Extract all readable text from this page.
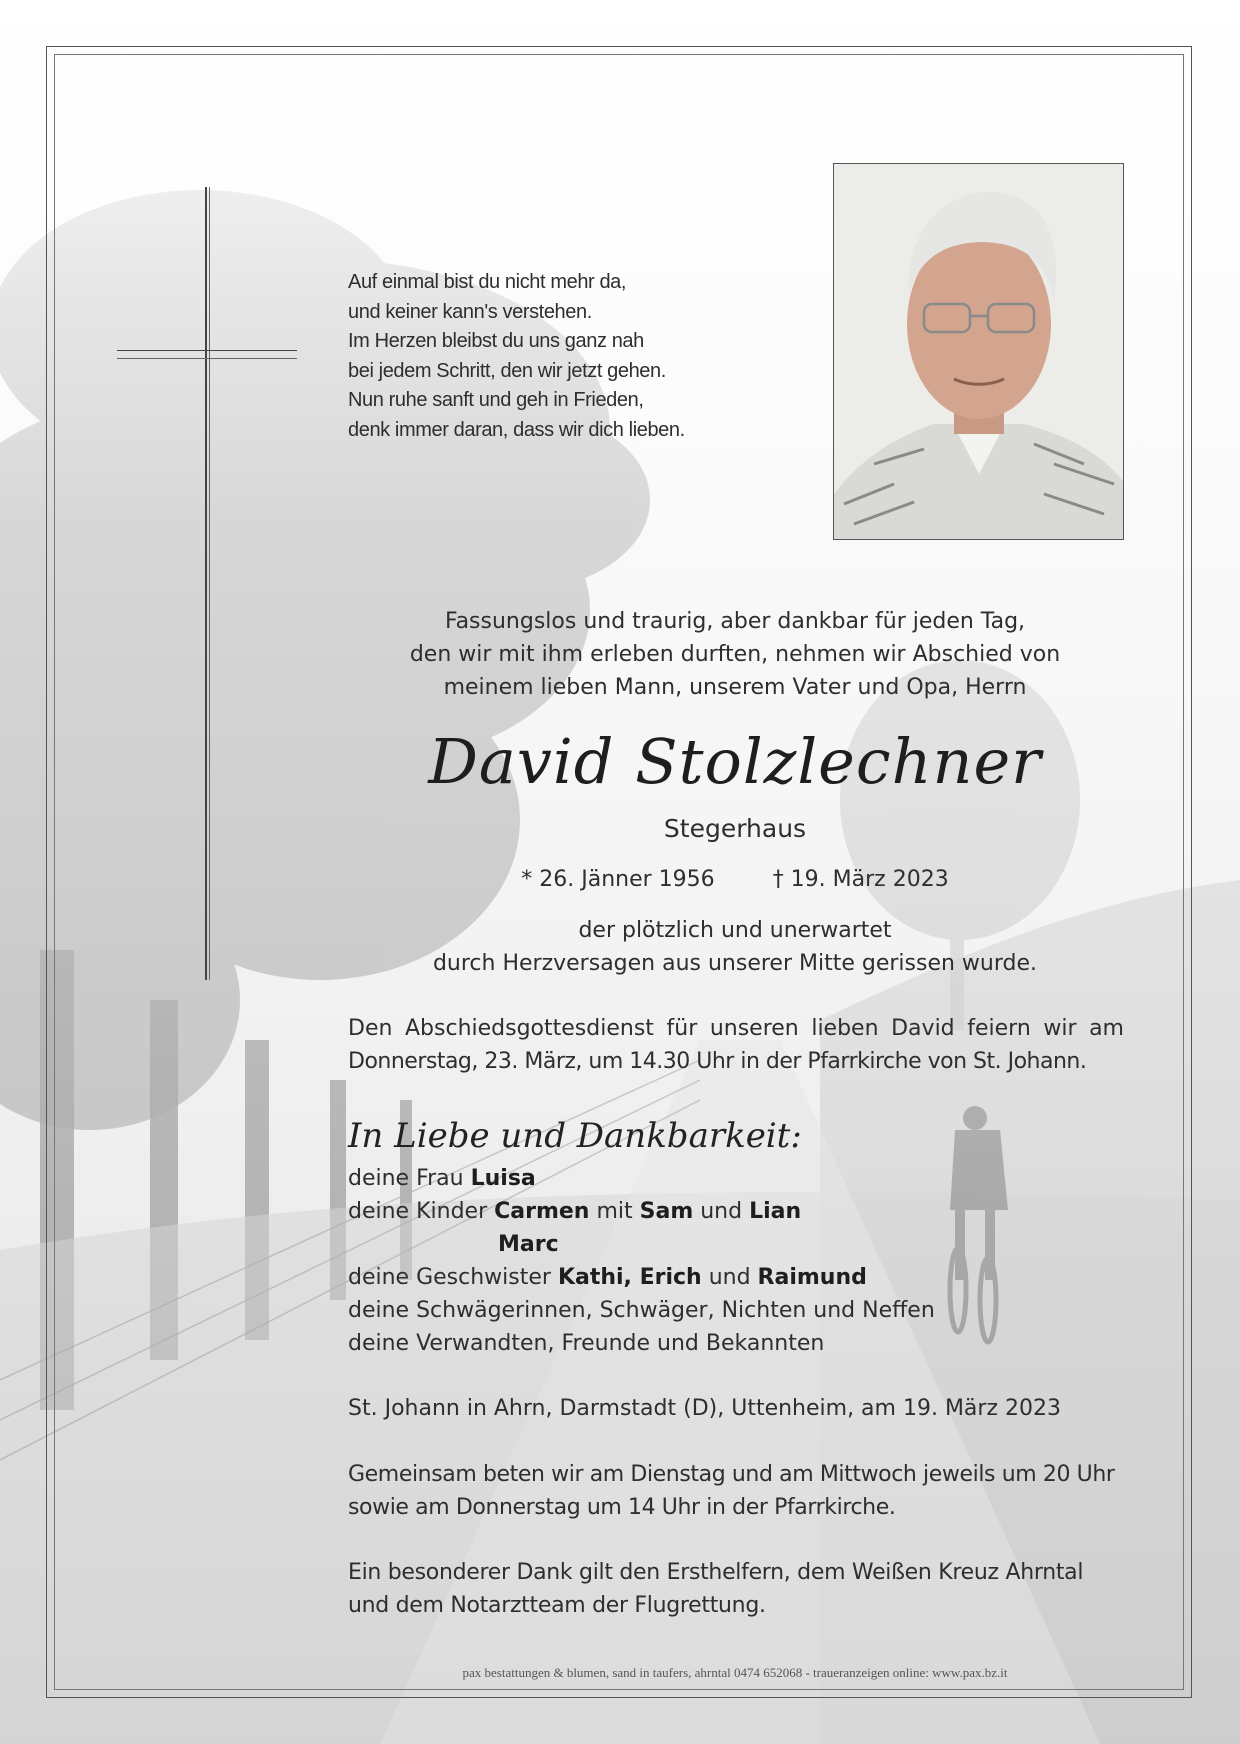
Auf einmal bist du nicht mehr da,
und keiner kann's verstehen.
Im Herzen bleibst du uns ganz nah
bei jedem Schritt, den wir jetzt gehen.
Nun ruhe sanft und geh in Frieden,
denk immer daran, dass wir dich lieben.
Fassungslos und traurig, aber dankbar für jeden Tag,
den wir mit ihm erleben durften, nehmen wir Abschied von
meinem lieben Mann, unserem Vater und Opa, Herrn
David Stolzlechner
Stegerhaus
* 26. Jänner 1956	† 19. März 2023
der plötzlich und unerwartet
durch Herzversagen aus unserer Mitte gerissen wurde.
Den Abschiedsgottesdienst für unseren lieben David feiern wir am
Donnerstag, 23. März, um 14.30 Uhr in der Pfarrkirche von St. Johann.
In Liebe und Dankbarkeit:
deine Frau Luisa
deine Kinder Carmen mit Sam und Lian
Marc
deine Geschwister Kathi, Erich und Raimund
deine Schwägerinnen, Schwäger, Nichten und Neffen
deine Verwandten, Freunde und Bekannten
St. Johann in Ahrn, Darmstadt (D), Uttenheim, am 19. März 2023
Gemeinsam beten wir am Dienstag und am Mittwoch jeweils um 20 Uhr
sowie am Donnerstag um 14 Uhr in der Pfarrkirche.
Ein besonderer Dank gilt den Ersthelfern, dem Weißen Kreuz Ahrntal
und dem Notarztteam der Flugrettung.
pax bestattungen & blumen, sand in taufers, ahrntal 0474 652068 - traueranzeigen online: www.pax.bz.it
